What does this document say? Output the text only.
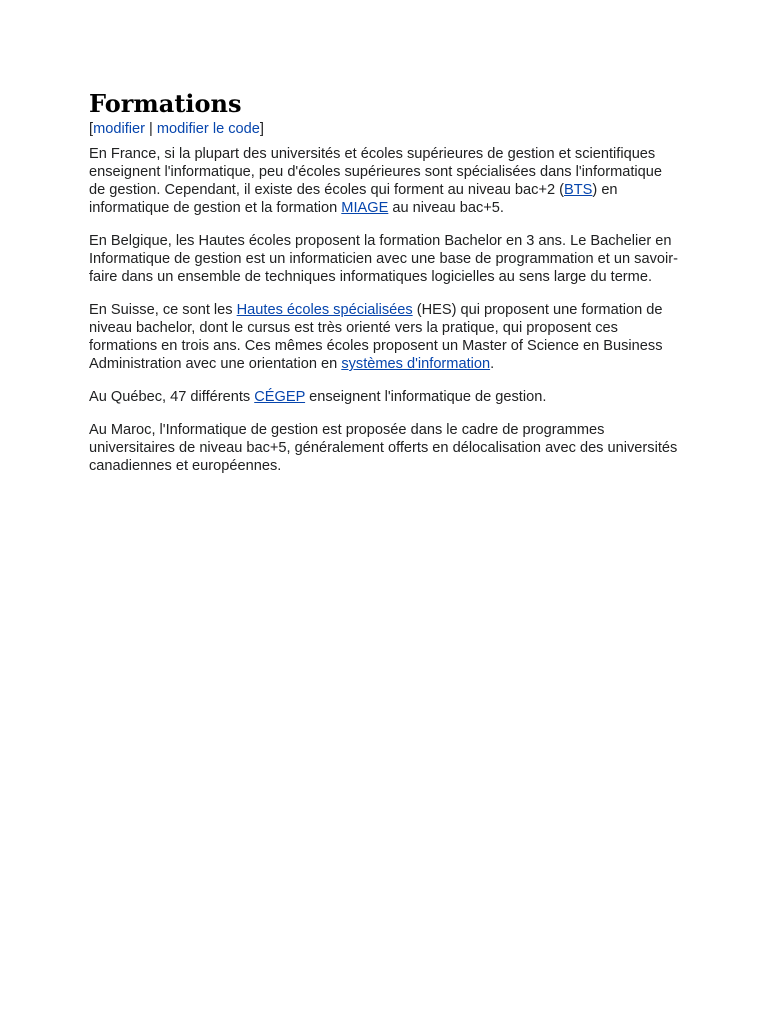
Formations
[modifier | modifier le code]

En France, si la plupart des universités et écoles supérieures de gestion et scientifiques enseignent l'informatique, peu d'écoles supérieures sont spécialisées dans l'informatique de gestion. Cependant, il existe des écoles qui forment au niveau bac+2 (BTS) en informatique de gestion et la formation MIAGE au niveau bac+5.

En Belgique, les Hautes écoles proposent la formation Bachelor en 3 ans. Le Bachelier en Informatique de gestion est un informaticien avec une base de programmation et un savoir-faire dans un ensemble de techniques informatiques logicielles au sens large du terme.

En Suisse, ce sont les Hautes écoles spécialisées (HES) qui proposent une formation de niveau bachelor, dont le cursus est très orienté vers la pratique, qui proposent ces formations en trois ans. Ces mêmes écoles proposent un Master of Science en Business Administration avec une orientation en systèmes d'information.

Au Québec, 47 différents CÉGEP enseignent l'informatique de gestion.

Au Maroc, l'Informatique de gestion est proposée dans le cadre de programmes universitaires de niveau bac+5, généralement offerts en délocalisation avec des universités canadiennes et européennes.
